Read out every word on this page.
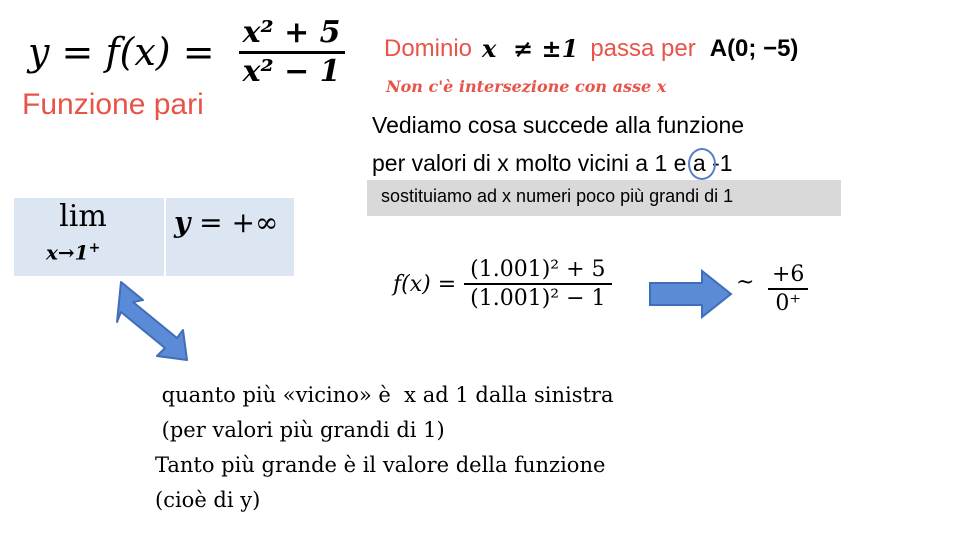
$y = f(x) = \frac{\text{x² + 5}}{\text{x² − 1}}$
Funzione pari
Dominio x  ≠ ±1 passa per A(0; −5)
Non c'è intersezione con asse x
Vediamo cosa succede alla funzione
per valori di x molto vicini a 1 e a -1
sostituiamo ad x numeri poco più grandi di 1
lim
x→1+
y = +∞
$f(x) = \frac{\text{(1.001)² + 5}}{\text{(1.001)² − 1}}$	~ $\frac{+6}{0^+}$
quanto più «vicino» è  x ad 1 dalla sinistra
(per valori più grandi di 1)
Tanto più grande è il valore della funzione
(cioè di y)
